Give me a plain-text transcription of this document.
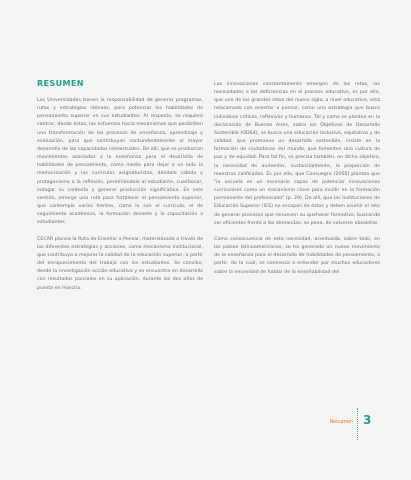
RESUMEN

Las Universidades tienen la responsabilidad de generar programas, rutas y estrategias idóneas, para potenciar las habilidades de pensamiento superior en sus estudiantes. Al respecto, se requiere centrar, desde éstas, los esfuerzos hacia mecanismos que posibiliten una transformación de los procesos de enseñanza, aprendizaje y evaluación, para que contribuyan contundentemente al mayor desarrollo de las capacidades intelectuales. De allí, que se produzcan movimientos asociados a la enseñanza para el desarrollo de habilidades de pensamiento, como medio para dejar a un lado la memorización y los currículos asignaturistas, dándole cabida y protagonismo a la reflexión, permitiéndole al estudiante, cuestionar, indagar su contexto y generar producción significativa. En este sentido, emerge una ruta para fortalecer el pensamiento superior, que contempla varios frentes, como lo son el currículo, el de seguimiento académico, la formación docente y la capacitación a estudiantes.

CECAR planea la Ruta de Enseñar a Pensar, materializada a través de los diferentes estrategias y acciones, como mecanismo institucional, que contribuya a mejorar la calidad de la educación superior, a partir del enriquecimiento del trabajo con los estudiantes. Se concibe, desde la investigación acción educativa y se encuentra en desarrollo con resultados parciales en su aplicación, durante los dos años de puesta en marcha.

Las innovaciones constantemente emergen de los retos, las necesidades o las deficiencias en el proceso educativo, es por ello, que uno de los grandes retos del nuevo siglo, a nivel educativo, está relacionado con enseñar a pensar, como una estrategia que busca individuos críticos, reflexivos y humanos. Tal y como se plantea en la declaración de Buenos Aires, sobre los Objetivos de Desarrollo Sostenible (ODS4), se busca una educación inclusiva, equitativa y de calidad, que promueva un desarrollo sostenible, insiste en la formación de ciudadanos del mundo, que fomenten una cultura de paz y de equidad. Para tal fin, se precisa también, en dicho objetivo, la necesidad de aumentar, sustancialmente, la proporción de maestros calificados. Es por ello, que Consuegra (2005) plantea que "la escuela es un escenario capaz de potenciar innovaciones curriculares como un mecanismo clave para incidir en la formación permanente del profesorado" (p. 29). De allí, que las Instituciones de Educación Superior (IES) no escapan de éstos y deben asumir el reto de generar procesos que renueven su quehacer formativo, buscando ser eficientes frente a las demandas, so pena, de volverse obsoletas.

Como consecuencia de esta necesidad, acentuada, sobre todo, en los países latinoamericanos, se ha generado un nuevo movimiento de la enseñanza para el desarrollo de habilidades de pensamiento, a partir, de la cual, se comienza a entender por muchos educadores sobre la necesidad de hablar de la enseñabilidad del

Resumen 3
